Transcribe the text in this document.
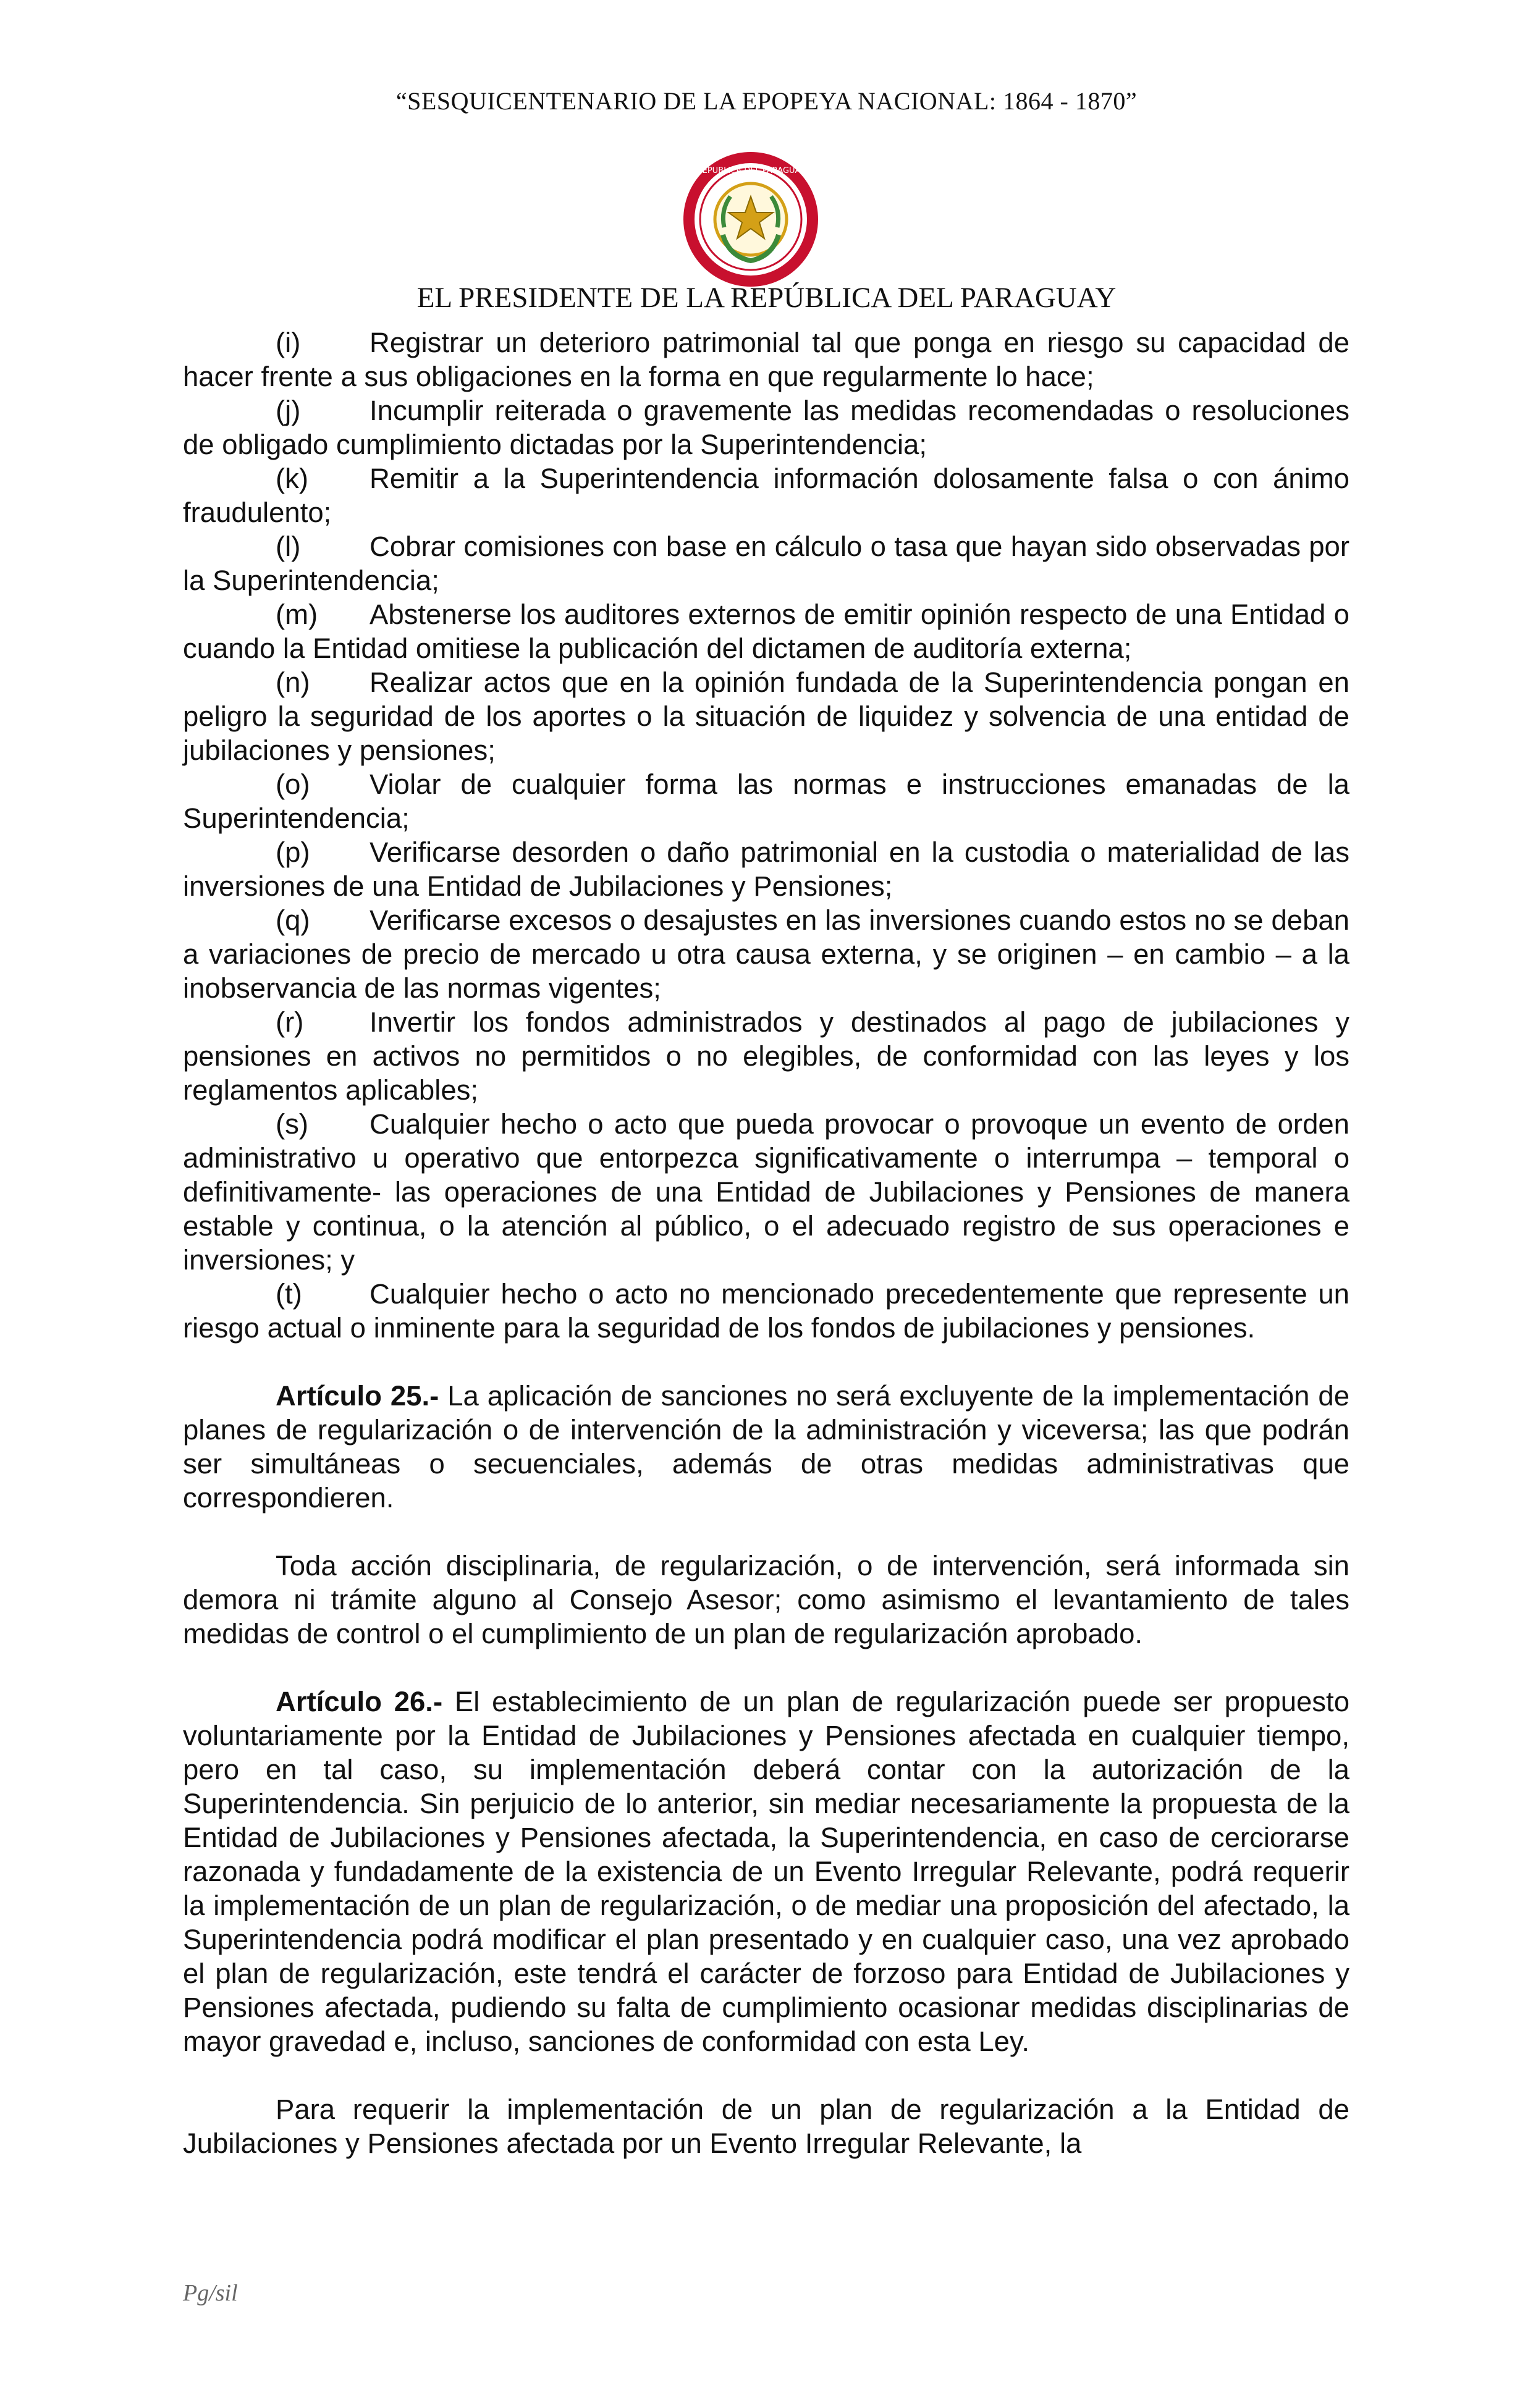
“SESQUICENTENARIO DE LA EPOPEYA NACIONAL: 1864 - 1870”
REPUBLICA DEL PARAGUAY
EL PRESIDENTE DE LA REPÚBLICA DEL PARAGUAY
(i) Registrar un deterioro patrimonial tal que ponga en riesgo su capacidad de hacer frente a sus obligaciones en la forma en que regularmente lo hace;
(j) Incumplir reiterada o gravemente las medidas recomendadas o resoluciones de obligado cumplimiento dictadas por la Superintendencia;
(k) Remitir a la Superintendencia información dolosamente falsa o con ánimo fraudulento;
(l) Cobrar comisiones con base en cálculo o tasa que hayan sido observadas por la Superintendencia;
(m) Abstenerse los auditores externos de emitir opinión respecto de una Entidad o cuando la Entidad omitiese la publicación del dictamen de auditoría externa;
(n) Realizar actos que en la opinión fundada de la Superintendencia pongan en peligro la seguridad de los aportes o la situación de liquidez y solvencia de una entidad de jubilaciones y pensiones;
(o) Violar de cualquier forma las normas e instrucciones emanadas de la Superintendencia;
(p) Verificarse desorden o daño patrimonial en la custodia o materialidad de las inversiones de una Entidad de Jubilaciones y Pensiones;
(q) Verificarse excesos o desajustes en las inversiones cuando estos no se deban a variaciones de precio de mercado u otra causa externa, y se originen – en cambio – a la inobservancia de las normas vigentes;
(r) Invertir los fondos administrados y destinados al pago de jubilaciones y pensiones en activos no permitidos o no elegibles, de conformidad con las leyes y los reglamentos aplicables;
(s) Cualquier hecho o acto que pueda provocar o provoque un evento de orden administrativo u operativo que entorpezca significativamente o interrumpa – temporal o definitivamente- las operaciones de una Entidad de Jubilaciones y Pensiones de manera estable y continua, o la atención al público, o el adecuado registro de sus operaciones e inversiones; y
(t) Cualquier hecho o acto no mencionado precedentemente que represente un riesgo actual o inminente para la seguridad de los fondos de jubilaciones y pensiones.

Artículo 25.- La aplicación de sanciones no será excluyente de la implementación de planes de regularización o de intervención de la administración y viceversa; las que podrán ser simultáneas o secuenciales, además de otras medidas administrativas que correspondieren.

Toda acción disciplinaria, de regularización, o de intervención, será informada sin demora ni trámite alguno al Consejo Asesor; como asimismo el levantamiento de tales medidas de control o el cumplimiento de un plan de regularización aprobado.

Artículo 26.- El establecimiento de un plan de regularización puede ser propuesto voluntariamente por la Entidad de Jubilaciones y Pensiones afectada en cualquier tiempo, pero en tal caso, su implementación deberá contar con la autorización de la Superintendencia. Sin perjuicio de lo anterior, sin mediar necesariamente la propuesta de la Entidad de Jubilaciones y Pensiones afectada, la Superintendencia, en caso de cerciorarse razonada y fundadamente de la existencia de un Evento Irregular Relevante, podrá requerir la implementación de un plan de regularización, o de mediar una proposición del afectado, la Superintendencia podrá modificar el plan presentado y en cualquier caso, una vez aprobado el plan de regularización, este tendrá el carácter de forzoso para Entidad de Jubilaciones y Pensiones afectada, pudiendo su falta de cumplimiento ocasionar medidas disciplinarias de mayor gravedad e, incluso, sanciones de conformidad con esta Ley.

Para requerir la implementación de un plan de regularización a la Entidad de Jubilaciones y Pensiones afectada por un Evento Irregular Relevante, la

Pg/sil
